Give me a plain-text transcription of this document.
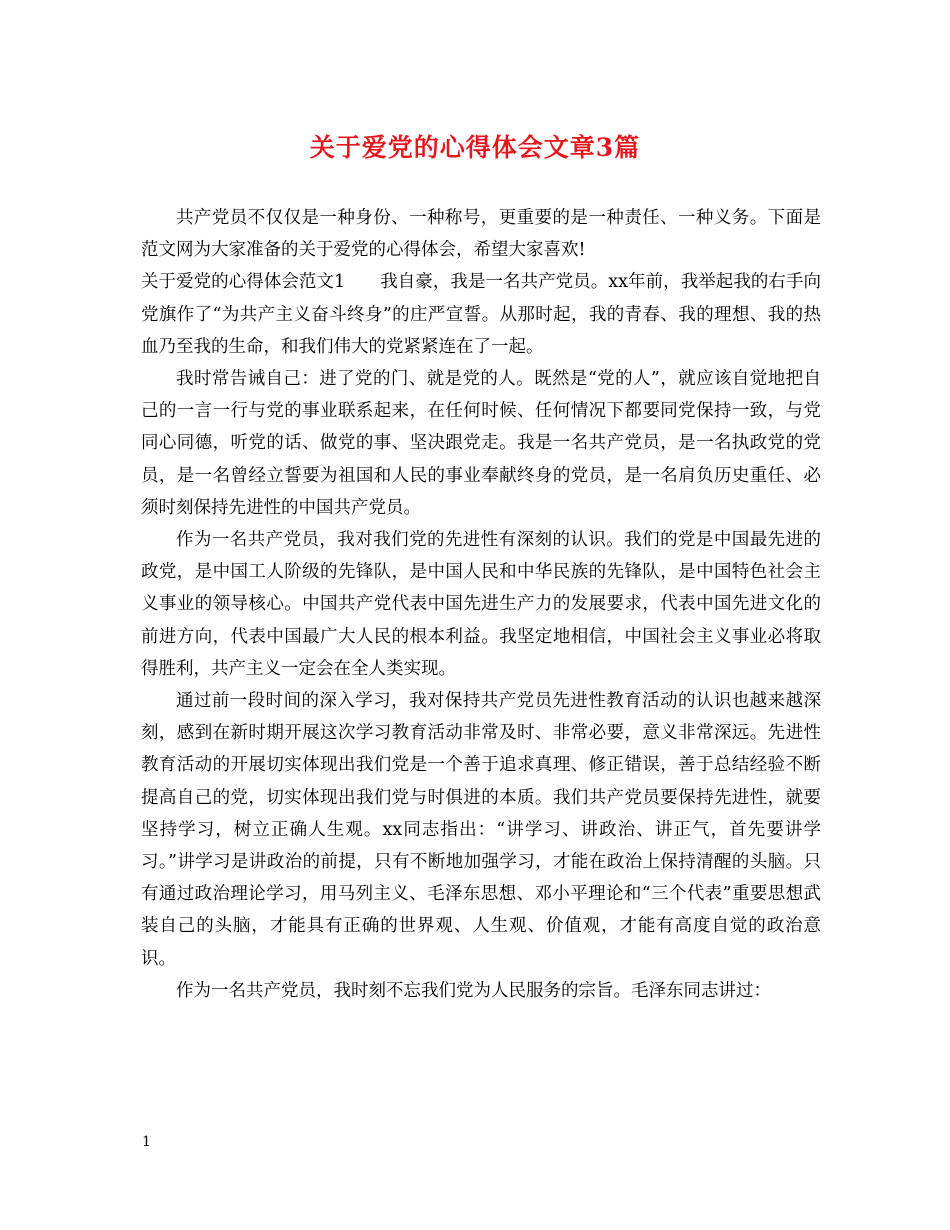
关于爱党的心得体会文章3篇

共产党员不仅仅是一种身份、一种称号，更重要的是一种责任、一种义务。下面是范文网为大家准备的关于爱党的心得体会，希望大家喜欢!

关于爱党的心得体会范文1　　我自豪，我是一名共产党员。xx年前，我举起我的右手向党旗作了“为共产主义奋斗终身”的庄严宣誓。从那时起，我的青春、我的理想、我的热血乃至我的生命，和我们伟大的党紧紧连在了一起。

我时常告诫自己：进了党的门、就是党的人。既然是“党的人”，就应该自觉地把自己的一言一行与党的事业联系起来，在任何时候、任何情况下都要同党保持一致，与党同心同德，听党的话、做党的事、坚决跟党走。我是一名共产党员，是一名执政党的党员，是一名曾经立誓要为祖国和人民的事业奉献终身的党员，是一名肩负历史重任、必须时刻保持先进性的中国共产党员。

作为一名共产党员，我对我们党的先进性有深刻的认识。我们的党是中国最先进的政党，是中国工人阶级的先锋队，是中国人民和中华民族的先锋队，是中国特色社会主义事业的领导核心。中国共产党代表中国先进生产力的发展要求，代表中国先进文化的前进方向，代表中国最广大人民的根本利益。我坚定地相信，中国社会主义事业必将取得胜利，共产主义一定会在全人类实现。

通过前一段时间的深入学习，我对保持共产党员先进性教育活动的认识也越来越深刻，感到在新时期开展这次学习教育活动非常及时、非常必要，意义非常深远。先进性教育活动的开展切实体现出我们党是一个善于追求真理、修正错误，善于总结经验不断提高自己的党，切实体现出我们党与时俱进的本质。我们共产党员要保持先进性，就要坚持学习，树立正确人生观。xx同志指出：“讲学习、讲政治、讲正气，首先要讲学习。”讲学习是讲政治的前提，只有不断地加强学习，才能在政治上保持清醒的头脑。只有通过政治理论学习，用马列主义、毛泽东思想、邓小平理论和“三个代表”重要思想武装自己的头脑，才能具有正确的世界观、人生观、价值观，才能有高度自觉的政治意识。

作为一名共产党员，我时刻不忘我们党为人民服务的宗旨。毛泽东同志讲过：

1
